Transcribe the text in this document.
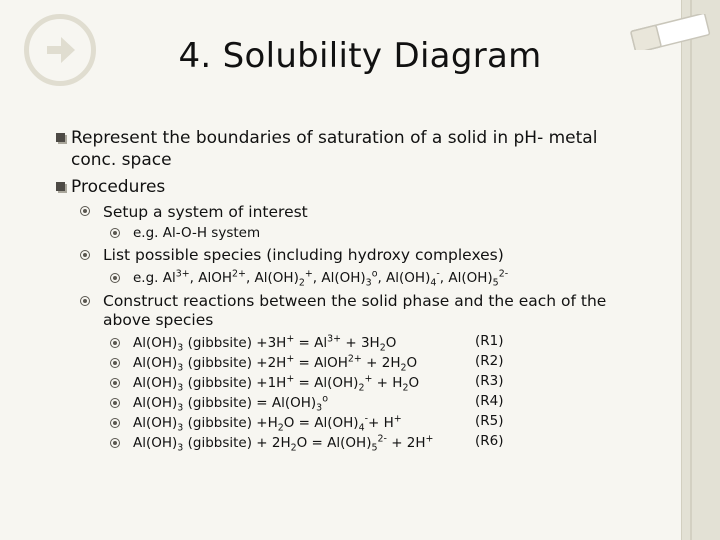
4. Solubility Diagram
Represent the boundaries of saturation of a solid in pH- metal
conc. space
Procedures
Setup a system of interest
e.g. Al-O-H system
List possible species (including hydroxy complexes)
e.g. $Al^{3+}$, AlOH$^{2+}$, $Al(OH)_2^+$, $Al(OH)_3^o$, $Al(OH)_4^-$, $Al(OH)_5^{2-}$
Construct reactions between the solid phase and the each of the
above species
$Al(OH)_3$ (gibbsite) $+3H^+ = Al^{3+} + 3H_2O$	(R1)
$Al(OH)_3$ (gibbsite) +2H+ = AlOH$^{2+}$ + $2H_2O$	(R2)
$Al(OH)_3$ (gibbsite) $+1H^+ = Al(OH)_2^+ + H_2O$	(R3)
$Al(OH)_3$ (gibbsite) = $Al(OH)_3^o$	(R4)
$Al(OH)_3$ (gibbsite) $+H_2O = Al(OH)_4^-+ H^+$	(R5)
$Al(OH)_3$ (gibbsite) + $2H_2O = Al(OH)_5^{2-} + 2H^+$	(R6)
